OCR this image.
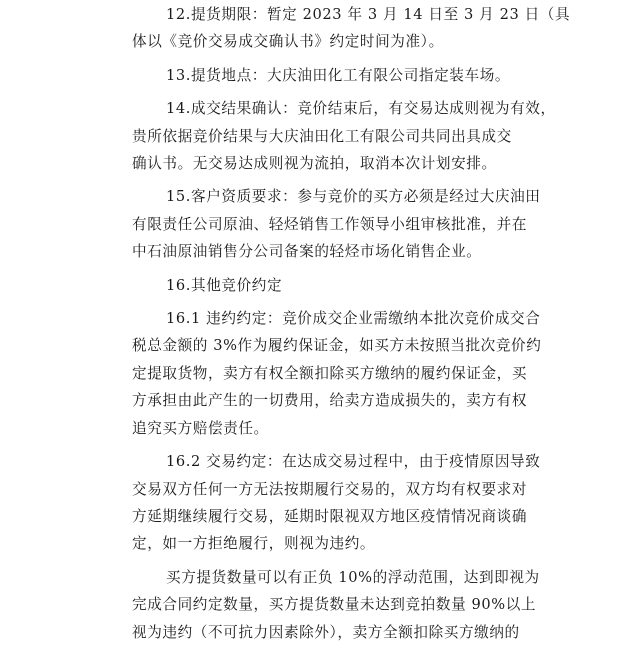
12.提货期限：暂定 2023 年 3 月 14 日至 3 月 23 日（具

体以《竞价交易成交确认书》约定时间为准）。

13.提货地点：大庆油田化工有限公司指定装车场。

14.成交结果确认：竞价结束后，有交易达成则视为有效，

贵所依据竞价结果与大庆油田化工有限公司共同出具成交

确认书。无交易达成则视为流拍，取消本次计划安排。

15.客户资质要求：参与竞价的买方必须是经过大庆油田

有限责任公司原油、轻烃销售工作领导小组审核批准，并在

中石油原油销售分公司备案的轻烃市场化销售企业。

16.其他竞价约定

16.1 违约约定：竞价成交企业需缴纳本批次竞价成交合

税总金额的 3%作为履约保证金，如买方未按照当批次竞价约

定提取货物，卖方有权全额扣除买方缴纳的履约保证金，买

方承担由此产生的一切费用，给卖方造成损失的，卖方有权

追究买方赔偿责任。

16.2 交易约定：在达成交易过程中，由于疫情原因导致

交易双方任何一方无法按期履行交易的，双方均有权要求对

方延期继续履行交易，延期时限视双方地区疫情情况商谈确

定，如一方拒绝履行，则视为违约。

买方提货数量可以有正负 10%的浮动范围，达到即视为

完成合同约定数量，买方提货数量未达到竞拍数量 90%以上

视为违约（不可抗力因素除外），卖方全额扣除买方缴纳的
